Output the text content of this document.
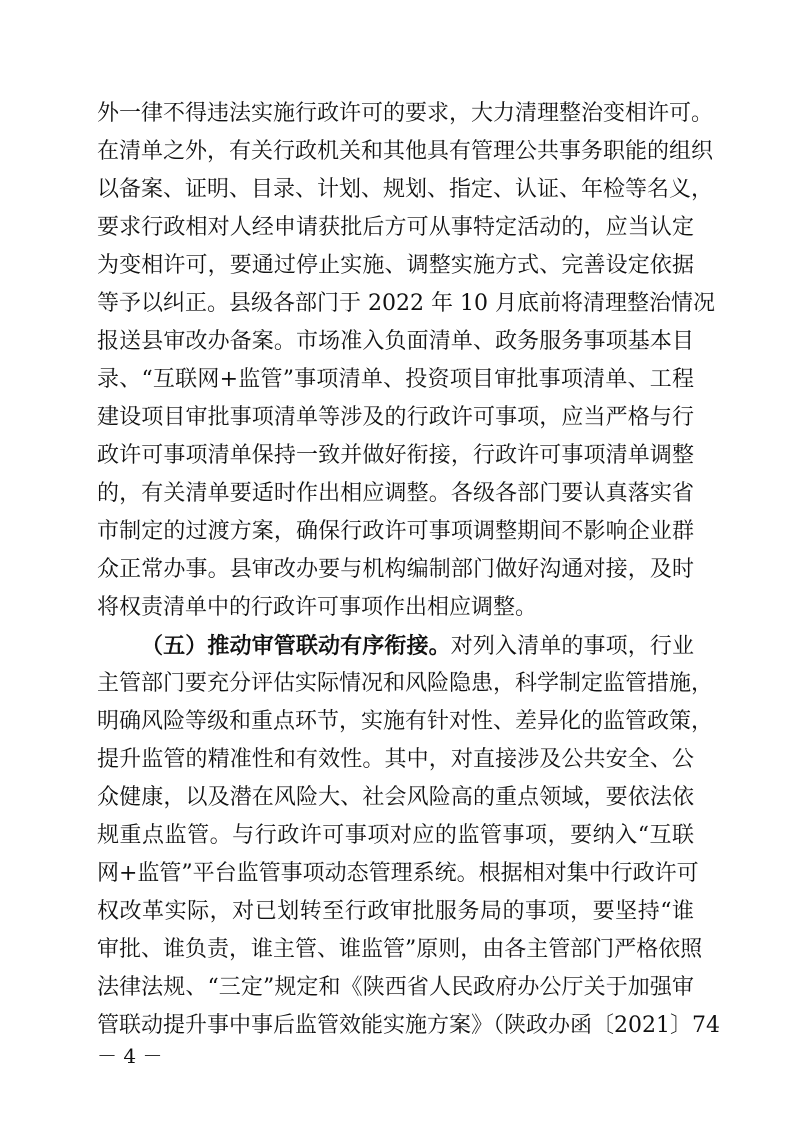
外一律不得违法实施行政许可的要求，大力清理整治变相许可。
在清单之外，有关行政机关和其他具有管理公共事务职能的组织
以备案、证明、目录、计划、规划、指定、认证、年检等名义，
要求行政相对人经申请获批后方可从事特定活动的，应当认定
为变相许可，要通过停止实施、调整实施方式、完善设定依据
等予以纠正。县级各部门于 2022 年 10 月底前将清理整治情况
报送县审改办备案。市场准入负面清单、政务服务事项基本目
录、“互联网+监管”事项清单、投资项目审批事项清单、工程
建设项目审批事项清单等涉及的行政许可事项，应当严格与行
政许可事项清单保持一致并做好衔接，行政许可事项清单调整
的，有关清单要适时作出相应调整。各级各部门要认真落实省
市制定的过渡方案，确保行政许可事项调整期间不影响企业群
众正常办事。县审改办要与机构编制部门做好沟通对接，及时
将权责清单中的行政许可事项作出相应调整。
（五）推动审管联动有序衔接。对列入清单的事项，行业
主管部门要充分评估实际情况和风险隐患，科学制定监管措施，
明确风险等级和重点环节，实施有针对性、差异化的监管政策，
提升监管的精准性和有效性。其中，对直接涉及公共安全、公
众健康，以及潜在风险大、社会风险高的重点领域，要依法依
规重点监管。与行政许可事项对应的监管事项，要纳入“互联
网+监管”平台监管事项动态管理系统。根据相对集中行政许可
权改革实际，对已划转至行政审批服务局的事项，要坚持“谁
审批、谁负责，谁主管、谁监管”原则，由各主管部门严格依照
法律法规、“三定”规定和《陕西省人民政府办公厅关于加强审
管联动提升事中事后监管效能实施方案》（陕政办函〔2021〕74
－ 4 －
